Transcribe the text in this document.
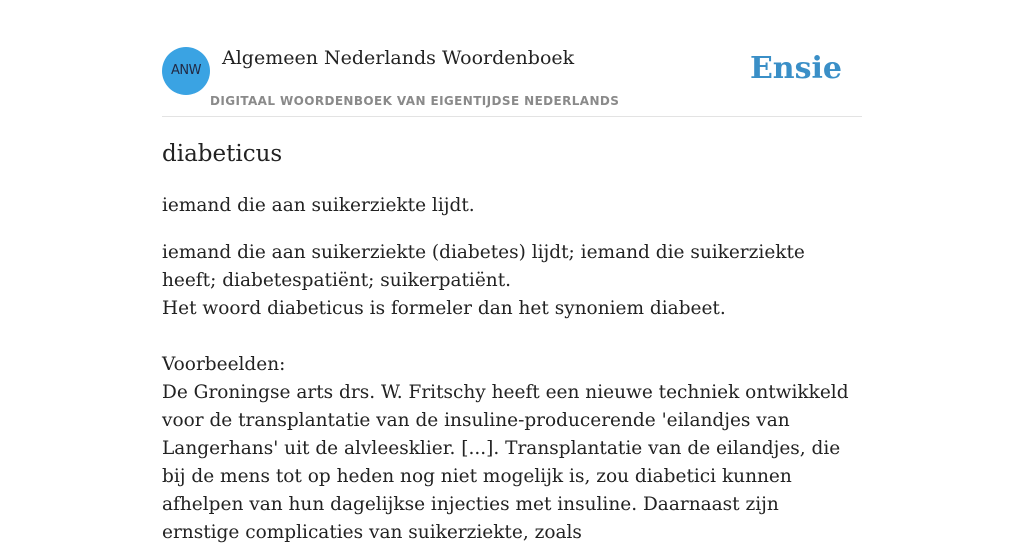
ANW
Algemeen Nederlands Woordenboek
DIGITAAL WOORDENBOEK VAN EIGENTIJDSE NEDERLANDS
Ensie
diabeticus
iemand die aan suikerziekte lijdt.

iemand die aan suikerziekte (diabetes) lijdt; iemand die suikerziekte heeft; diabetespatiënt; suikerpatiënt.

Het woord diabeticus is formeler dan het synoniem diabeet.

Voorbeelden:

De Groningse arts drs. W. Fritschy heeft een nieuwe techniek ontwikkeld voor de transplantatie van de insuline-producerende 'eilandjes van Langerhans' uit de alvleesklier. [...]. Transplantatie van de eilandjes, die bij de mens tot op heden nog niet mogelijk is, zou diabetici kunnen afhelpen van hun dagelijkse injecties met insuline. Daarnaast zijn ernstige complicaties van suikerziekte, zoals
